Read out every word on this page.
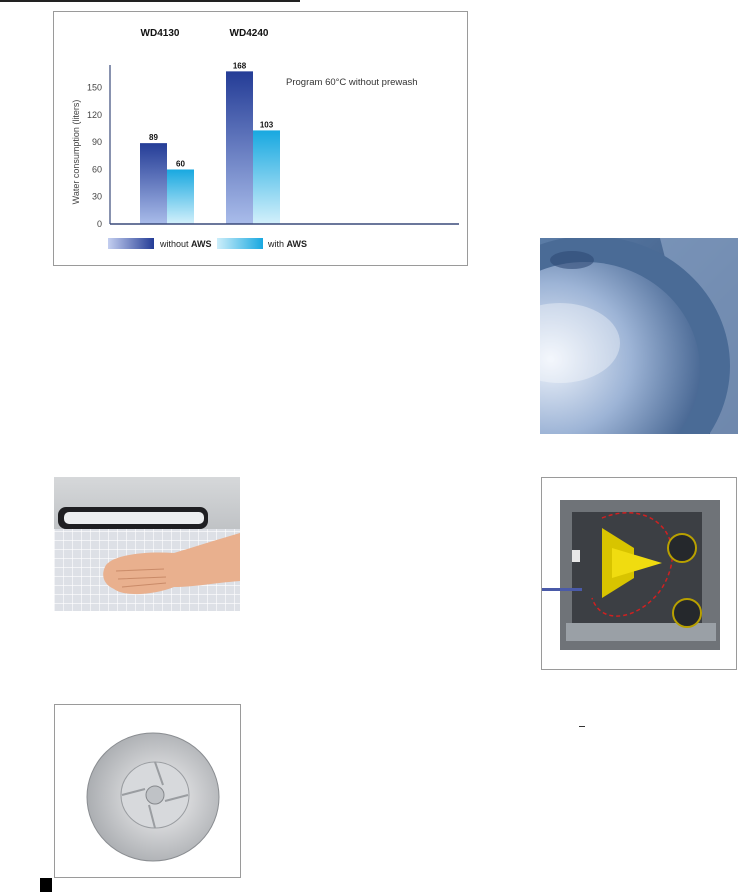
WD4130	WD4240
Water consumption (liters)
0
30
60
90
120
150
89
60
168
103
Program 60°C without prewash
without AWS	with AWS
